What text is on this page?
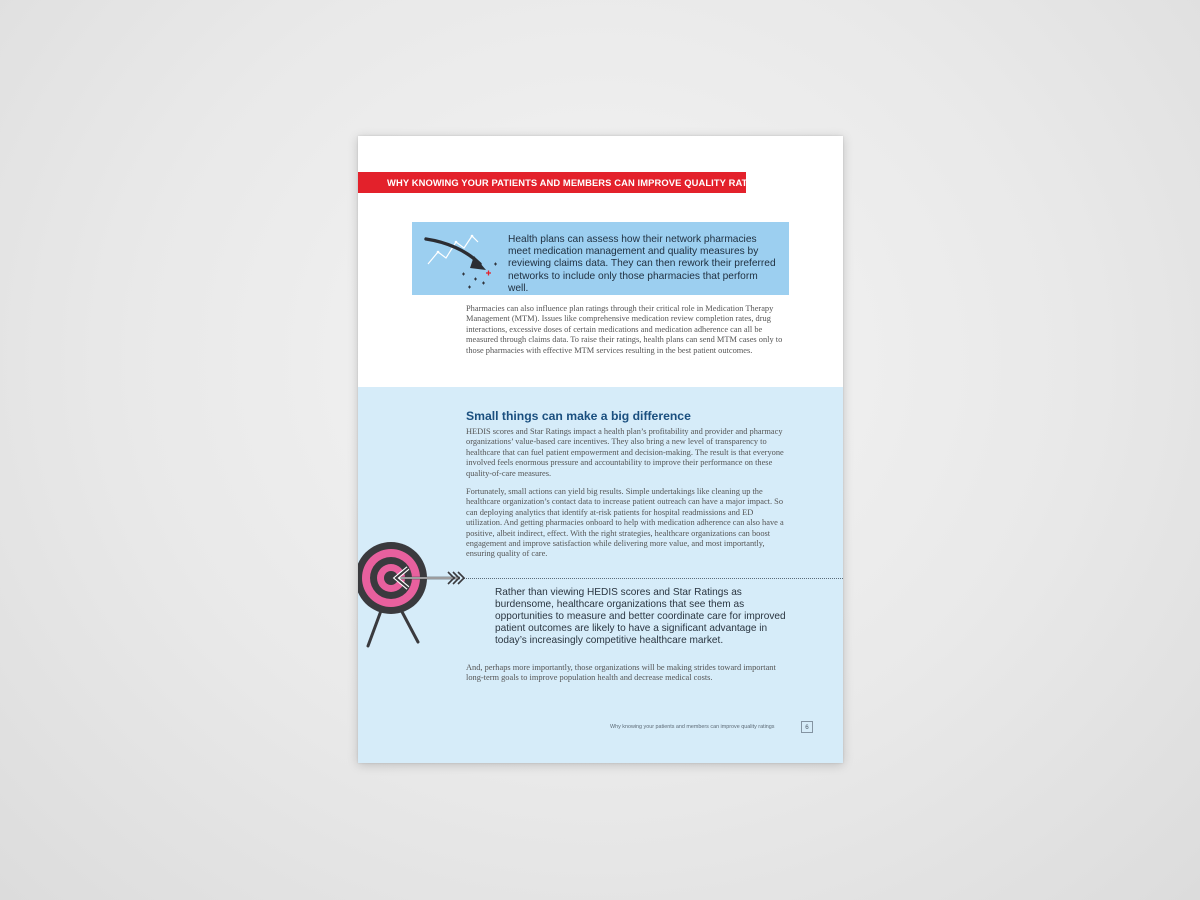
WHY KNOWING YOUR PATIENTS AND MEMBERS CAN IMPROVE QUALITY RATINGS
Health plans can assess how their network pharmacies meet medication management and quality measures by reviewing claims data. They can then rework their preferred networks to include only those pharmacies that perform well.
Pharmacies can also influence plan ratings through their critical role in Medication Therapy Management (MTM). Issues like comprehensive medication review completion rates, drug interactions, excessive doses of certain medications and medication adherence can all be measured through claims data. To raise their ratings, health plans can send MTM cases only to those pharmacies with effective MTM services resulting in the best patient outcomes.
Small things can make a big difference
HEDIS scores and Star Ratings impact a health plan’s profitability and provider and pharmacy organizations’ value-based care incentives. They also bring a new level of transparency to healthcare that can fuel patient empowerment and decision-making. The result is that everyone involved feels enormous pressure and accountability to improve their performance on these quality-of-care measures.
Fortunately, small actions can yield big results. Simple undertakings like cleaning up the healthcare organization’s contact data to increase patient outreach can have a major impact. So can deploying analytics that identify at-risk patients for hospital readmissions and ED utilization. And getting pharmacies onboard to help with medication adherence can also have a positive, albeit indirect, effect. With the right strategies, healthcare organizations can boost engagement and improve satisfaction while delivering more value, and most importantly, ensuring quality of care.
Rather than viewing HEDIS scores and Star Ratings as burdensome, healthcare organizations that see them as opportunities to measure and better coordinate care for improved patient outcomes are likely to have a significant advantage in today’s increasingly competitive healthcare market.
And, perhaps more importantly, those organizations will be making strides toward important long-term goals to improve population health and decrease medical costs.
Why knowing your patients and members can improve quality ratings	6
